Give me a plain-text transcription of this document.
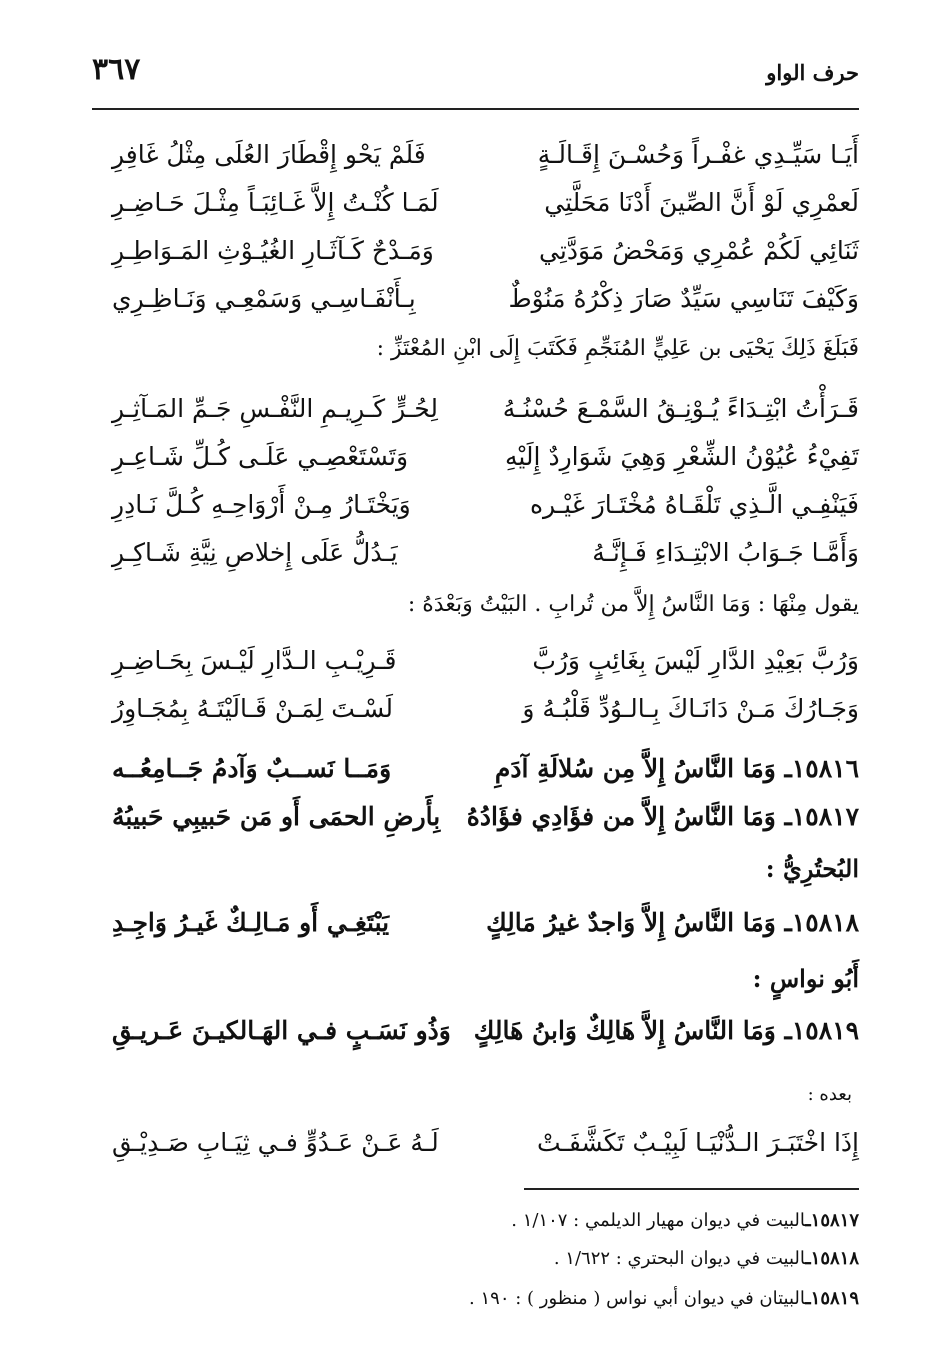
حرف الواو
٣٦٧
أَيَـا سَيِّـدِي غفْـراً وَحُسْـنَ إِقَـالَـةٍ
فَلَمْ يَحْو إِقْطَارَ العُلَى مِثْلُ غَافِرِ
لَعمْرِي لَوْ أَنَّ الصِّينَ أَدْنَا مَحَلَّتِي
لَمَـا كُنْـتُ إِلاَّ غَـائِبَـاً مِثْـلَ حَـاضِـرِ
ثَنَائِي لَكُمْ عُمْرِي وَمَحْضُ مَوَدَّتِي
وَمَـدْحٌ كَـآثَـارِ الغُيُـوْثِ المَـوَاطِـرِ
وَكَيْفَ تَنَاسِي سَيِّدٌ صَارَ ذِكْرُهُ مَنُوْطٌ
بِـأَنْفَـاسِـي وَسَمْعِـي وَنَـاظِـرِي
فَبَلَغَ ذَلِكَ يَحْيَى بن عَلِيٍّ المُنَجِّمِ فَكَتَبَ إِلَى ابْنِ المُعْتَزِّ :
قَـرَأْتُ ابْتِـدَاءً يُـوْنِـقُ السَّمْـعَ حُسْنُـهُ
لِحُـرٍّ كَـرِيـمِ النَّفْـسِ جَـمِّ المَـآثِـرِ
تَفِيْءُ عُيُوْنُ الشِّعْرِ وَهِيَ شَوَارِدٌ إِلَيْهِ
وَتَسْتَعْصِـي عَلَـى كُـلِّ شَـاعِـرِ
فَيَنْفِـي الَّـذِي تَلْقَـاهُ مُخْتَـارَ غَيْـره
وَيَخْتَـارُ مِـنْ أَرْوَاحِـهِ كُـلَّ نَـادِرِ
وَأَمَّـا جَـوَابُ الابْتِـدَاءِ فَـإِنَّـهُ
يَـدُلُّ عَلَى إِخلاصِ نِيَّةِ شَـاكِـرِ
يقول مِنْهَا : وَمَا النَّاسُ إِلاَّ من تُرابِ . البَيْتُ وَبَعْدَهُ :
وَرُبَّ بَعِيْدِ الدَّارِ لَيْسَ بِغَائِبٍ وَرُبَّ
قَـرِيْـبِ الـدَّارِ لَيْـسَ بِحَـاضِـرِ
وَجَـارُكَ مَـنْ دَانَـاكَ بِـالـوُدِّ قَلْبُـهُ وَ
لَسْـتَ لِمَـنْ قَـالَيْتَـهُ بِمُجَـاوِرُ
١٥٨١٦ـ وَمَا النَّاسُ إِلاَّ مِن سُلالَةِ آدَمِ
وَمَــا نَســبٌ وَآدمُ جَــامِعُــه
١٥٨١٧ـ وَمَا النَّاسُ إِلاَّ من فؤَادِي فؤَادُهُ
بِأَرضِ الحمَى أَو مَن حَبيبِي حَبيبُهُ
البُحتُرِيُّ :
١٥٨١٨ـ وَمَا النَّاسُ إِلاَّ وَاجدٌ غيرُ مَالِكٍ
يَبْتَغِـي أَو مَـالِـكٌ غَيـرُ وَاجِـدِ
أَبُو نواسٍ :
١٥٨١٩ـ وَمَا النَّاسُ إِلاَّ هَالِكٌ وَابنُ هَالِكٍ
وَذُو نَسَـبٍ فـي الهَـالكيـنَ عَـريـقِ
بعده :
إِذَا اخْتَبَـرَ الـدُّنْيَـا لَبِيْـبٌ تَكَشَّفَـتْ
لَـهُ عَـنْ عَـدُوٍّ فـي ثِيَـابِ صَـدِيْـقِ
١٥٨١٧ـالبيت في ديوان مهيار الديلمي : ١/١٠٧ .
١٥٨١٨ـالبيت في ديوان البحتري : ١/٦٢٢ .
١٥٨١٩ـالبيتان في ديوان أبي نواس ( منظور ) : ١٩٠ .
